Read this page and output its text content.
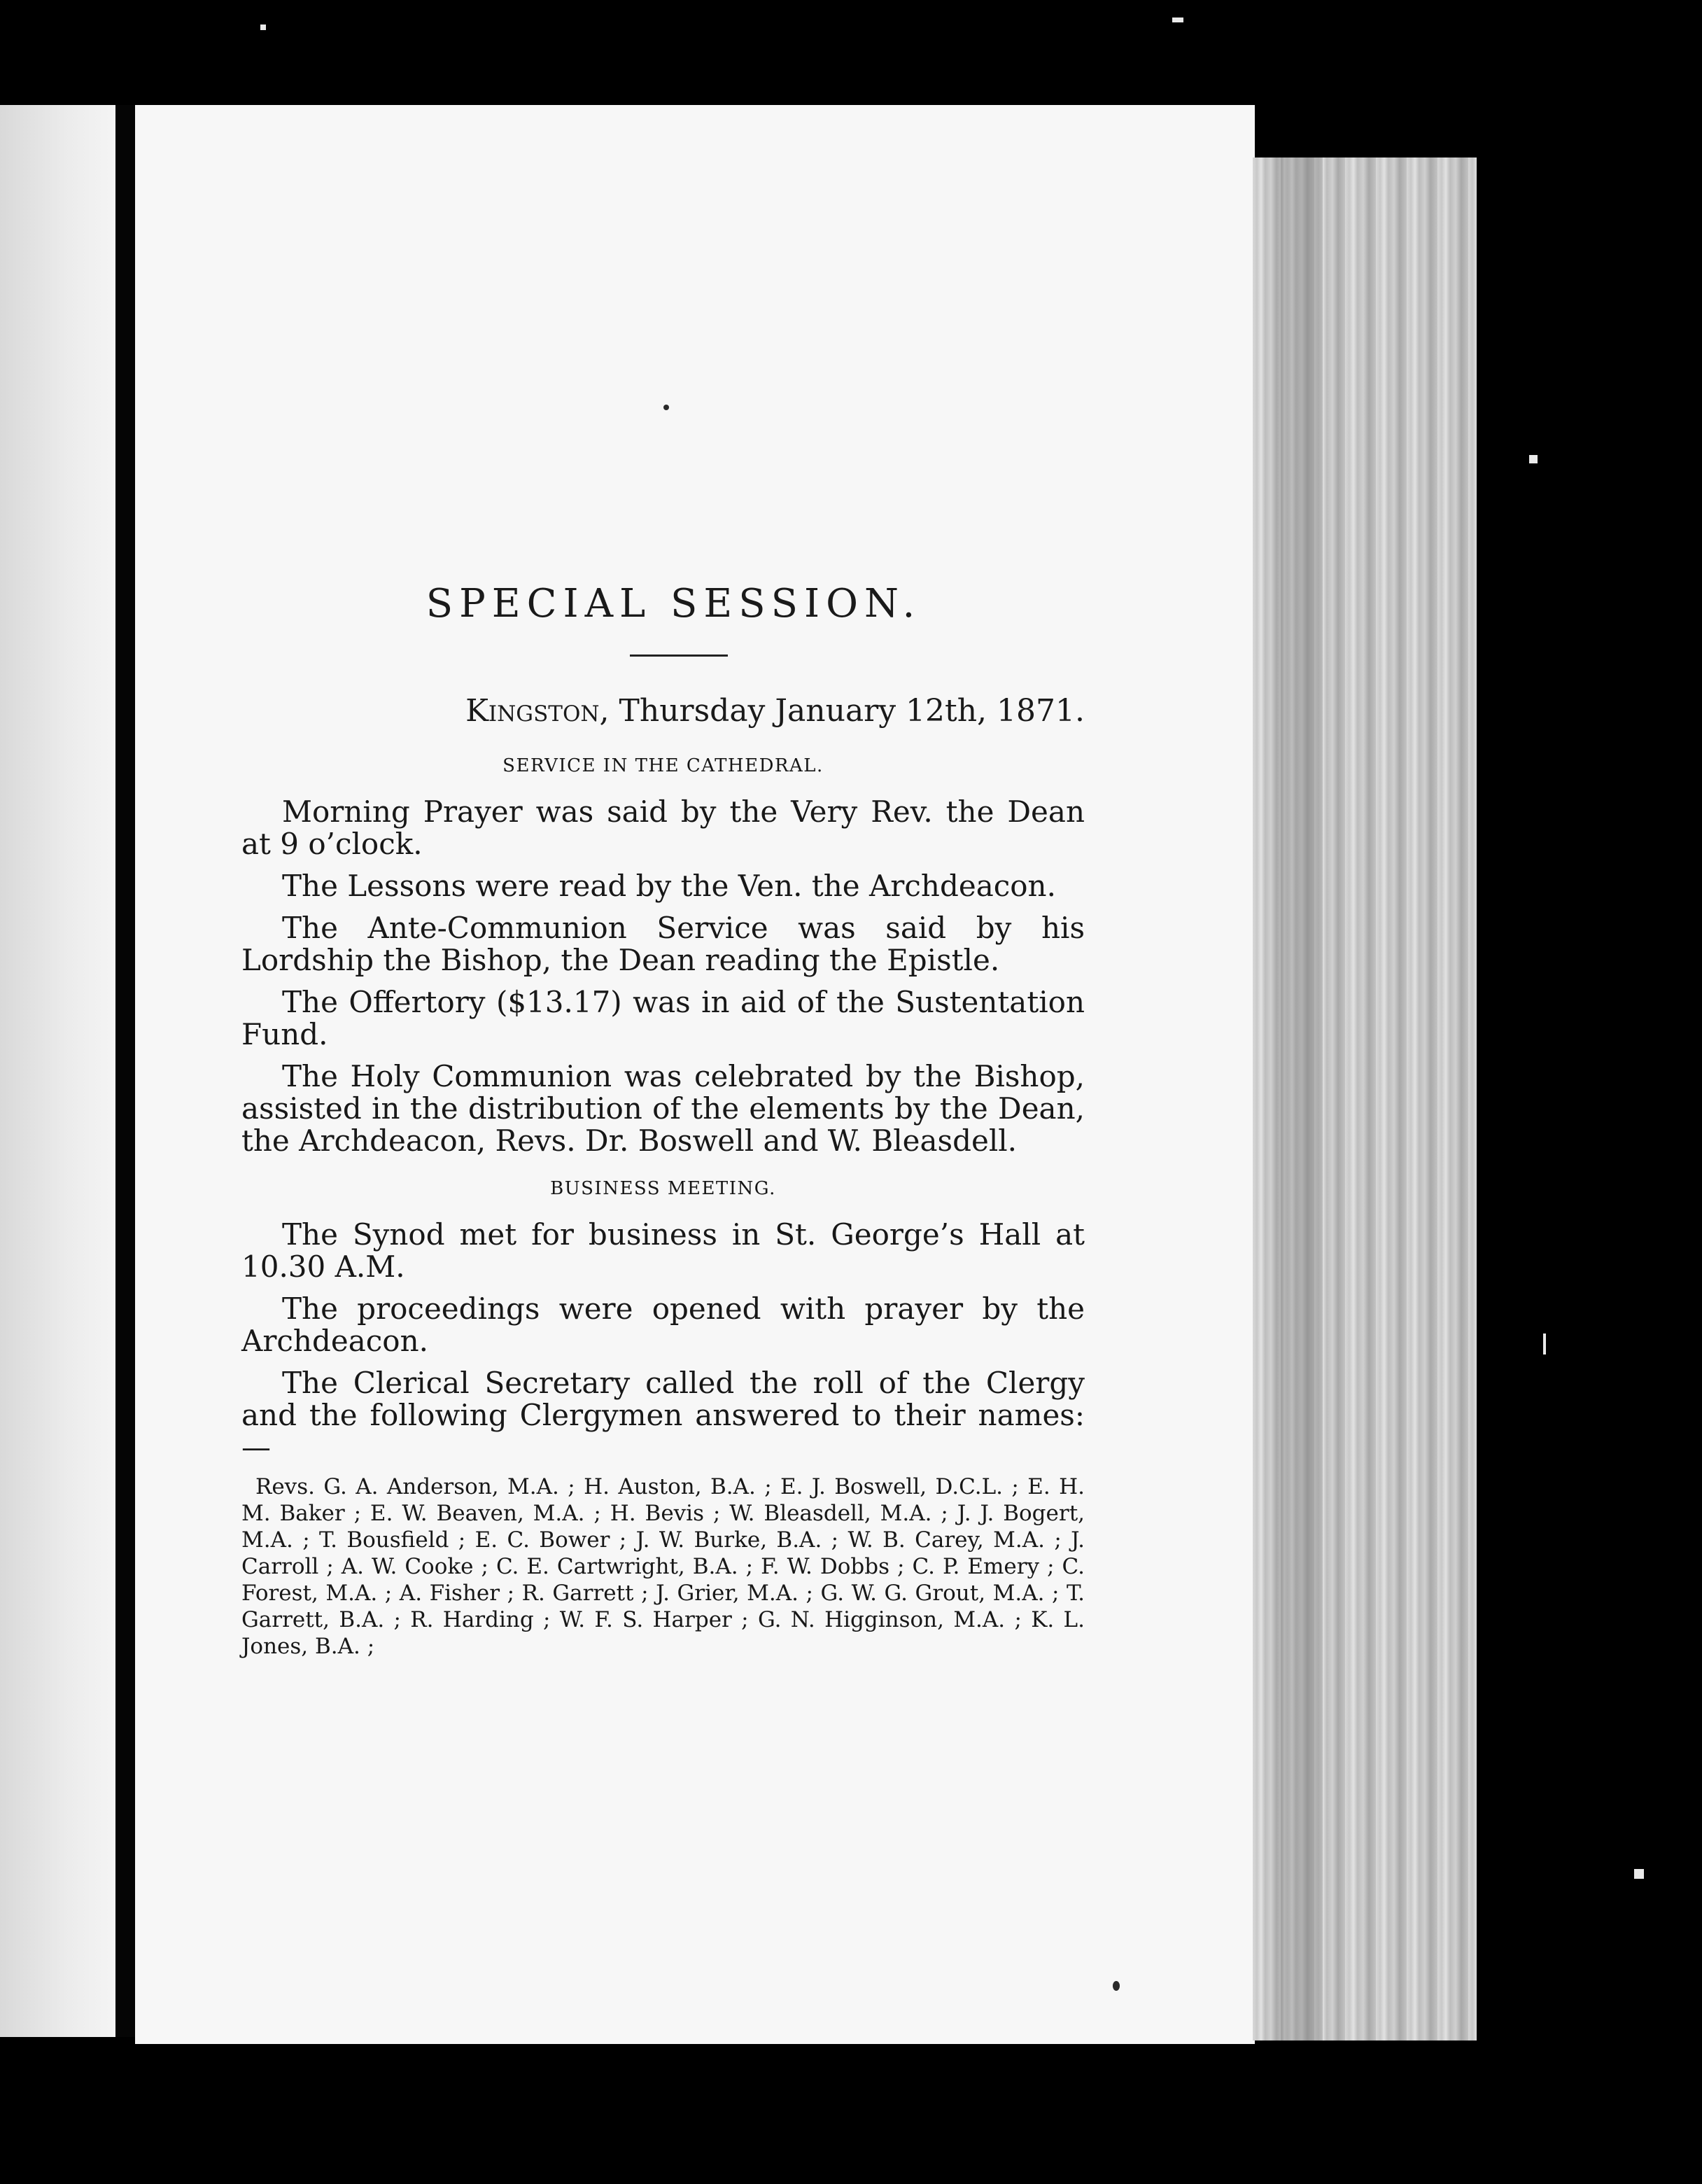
SPECIAL SESSION.

Kingston, Thursday January 12th, 1871.

SERVICE IN THE CATHEDRAL.

Morning Prayer was said by the Very Rev. the Dean at 9 o’clock.

The Lessons were read by the Ven. the Archdeacon.

The Ante-Communion Service was said by his Lordship the Bishop, the Dean reading the Epistle.

The Offertory ($13.17) was in aid of the Sustentation Fund.

The Holy Communion was celebrated by the Bishop, assisted in the distribution of the elements by the Dean, the Archdeacon, Revs. Dr. Boswell and W. Bleasdell.

BUSINESS MEETING.

The Synod met for business in St. George’s Hall at 10.30 A.M.

The proceedings were opened with prayer by the Archdeacon.

The Clerical Secretary called the roll of the Clergy and the following Clergymen answered to their names:—

Revs. G. A. Anderson, M.A. ; H. Auston, B.A. ; E. J. Boswell, D.C.L. ; E. H. M. Baker ; E. W. Beaven, M.A. ; H. Bevis ; W. Bleasdell, M.A. ; J. J. Bogert, M.A. ; T. Bousfield ; E. C. Bower ; J. W. Burke, B.A. ; W. B. Carey, M.A. ; J. Carroll ; A. W. Cooke ; C. E. Cartwright, B.A. ; F. W. Dobbs ; C. P. Emery ; C. Forest, M.A. ; A. Fisher ; R. Garrett ; J. Grier, M.A. ; G. W. G. Grout, M.A. ; T. Garrett, B.A. ; R. Harding ; W. F. S. Harper ; G. N. Higginson, M.A. ; K. L. Jones, B.A. ;
